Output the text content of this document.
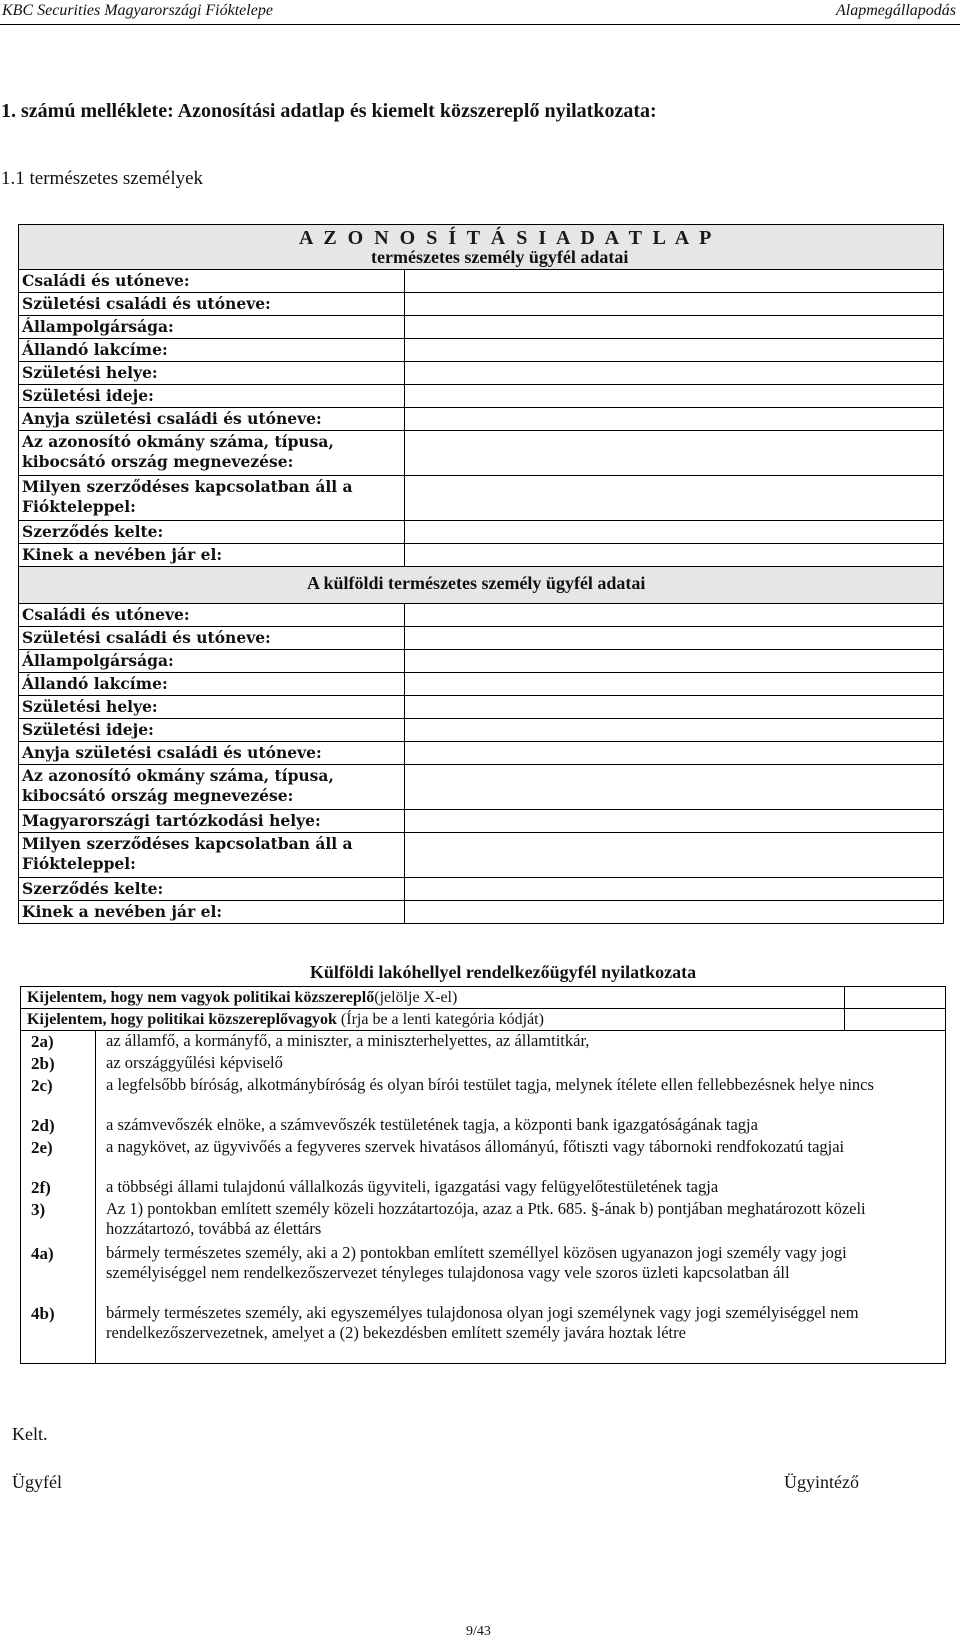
KBC Securities Magyarországi Fióktelepe	Alapmegállapodás
1. számú melléklete: Azonosítási adatlap és kiemelt közszereplő nyilatkozata:
1.1 természetes személyek
A Z O N O S Í T Á S I A D A T L A P
természetes személy ügyfél adatai
Családi és utóneve:
Születési családi és utóneve:
Állampolgársága:
Állandó lakcíme:
Születési helye:
Születési ideje:
Anyja születési családi és utóneve:
Az azonosító okmány száma, típusa, kibocsátó ország megnevezése:
Milyen szerződéses kapcsolatban áll a Fiókteleppel:
Szerződés kelte:
Kinek a nevében jár el:
A külföldi természetes személy ügyfél adatai
Családi és utóneve:
Születési családi és utóneve:
Állampolgársága:
Állandó lakcíme:
Születési helye:
Születési ideje:
Anyja születési családi és utóneve:
Az azonosító okmány száma, típusa, kibocsátó ország megnevezése:
Magyarországi tartózkodási helye:
Milyen szerződéses kapcsolatban áll a Fiókteleppel:
Szerződés kelte:
Kinek a nevében jár el:
Külföldi lakóhellyel rendelkezőügyfél nyilatkozata
Kijelentem, hogy nem vagyok politikai közszereplő(jelölje X-el)
Kijelentem, hogy politikai közszereplővagyok (Írja be a lenti kategória kódját)
2a)	az államfő, a kormányfő, a miniszter, a miniszterhelyettes, az államtitkár,
2b)	az országgyűlési képviselő
2c)	a legfelsőbb bíróság, alkotmánybíróság és olyan bírói testület tagja, melynek ítélete ellen fellebbezésnek helye nincs
2d)	a számvevőszék elnöke, a számvevőszék testületének tagja, a központi bank igazgatóságának tagja
2e)	a nagykövet, az ügyvivőés a fegyveres szervek hivatásos állományú, főtiszti vagy tábornoki rendfokozatú tagjai
2f)	a többségi állami tulajdonú vállalkozás ügyviteli, igazgatási vagy felügyelőtestületének tagja
3)	Az 1) pontokban említett személy közeli hozzátartozója, azaz a Ptk. 685. §-ának b) pontjában meghatározott közeli hozzátartozó, továbbá az élettárs
4a)	bármely természetes személy, aki a 2) pontokban említett személlyel közösen ugyanazon jogi személy vagy jogi személyiséggel nem rendelkezőszervezet tényleges tulajdonosa vagy vele szoros üzleti kapcsolatban áll
4b)	bármely természetes személy, aki egyszemélyes tulajdonosa olyan jogi személynek vagy jogi személyiséggel nem rendelkezőszervezetnek, amelyet a (2) bekezdésben említett személy javára hoztak létre
Kelt.
Ügyfél	Ügyintéző
9/43
